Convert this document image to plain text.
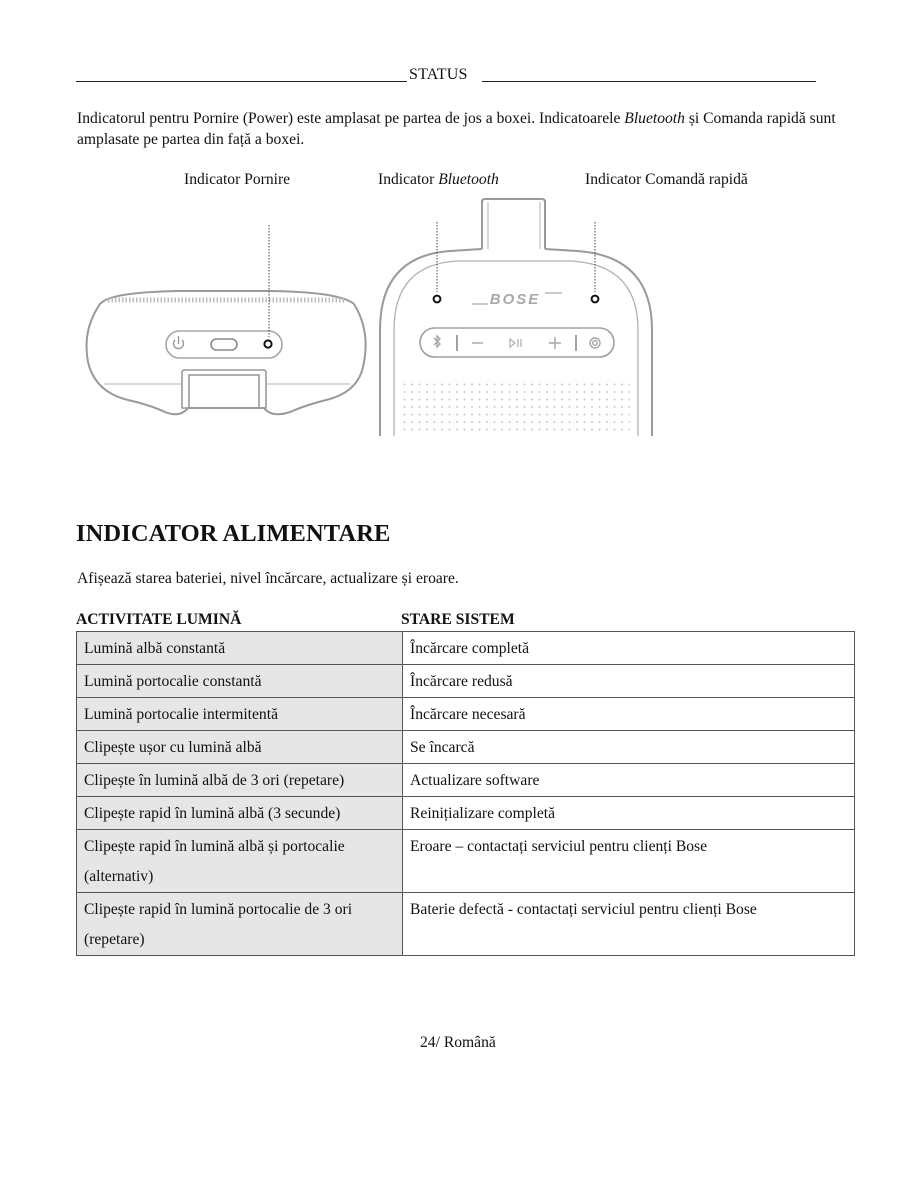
STATUS
Indicatorul pentru Pornire (Power) este amplasat pe partea de jos a boxei. Indicatoarele Bluetooth și Comanda rapidă sunt amplasate pe partea din față a boxei.
Indicator Pornire	Indicator Bluetooth	Indicator Comandă rapidă
BOSE
INDICATOR ALIMENTARE
Afișează starea bateriei, nivel încărcare, actualizare și eroare.
ACTIVITATE LUMINĂ	STARE SISTEM
Lumină albă constantă	Încărcare completă
Lumină portocalie constantă	Încărcare redusă
Lumină portocalie intermitentă	Încărcare necesară
Clipește ușor cu lumină albă	Se încarcă
Clipește în lumină albă de 3 ori (repetare)	Actualizare software
Clipește rapid în lumină albă (3 secunde)	Reinițializare completă
Clipește rapid în lumină albă și portocalie (alternativ)	Eroare – contactați serviciul pentru clienți Bose
Clipește rapid în lumină portocalie de 3 ori (repetare)	Baterie defectă - contactați serviciul pentru clienți Bose
24/ Română
